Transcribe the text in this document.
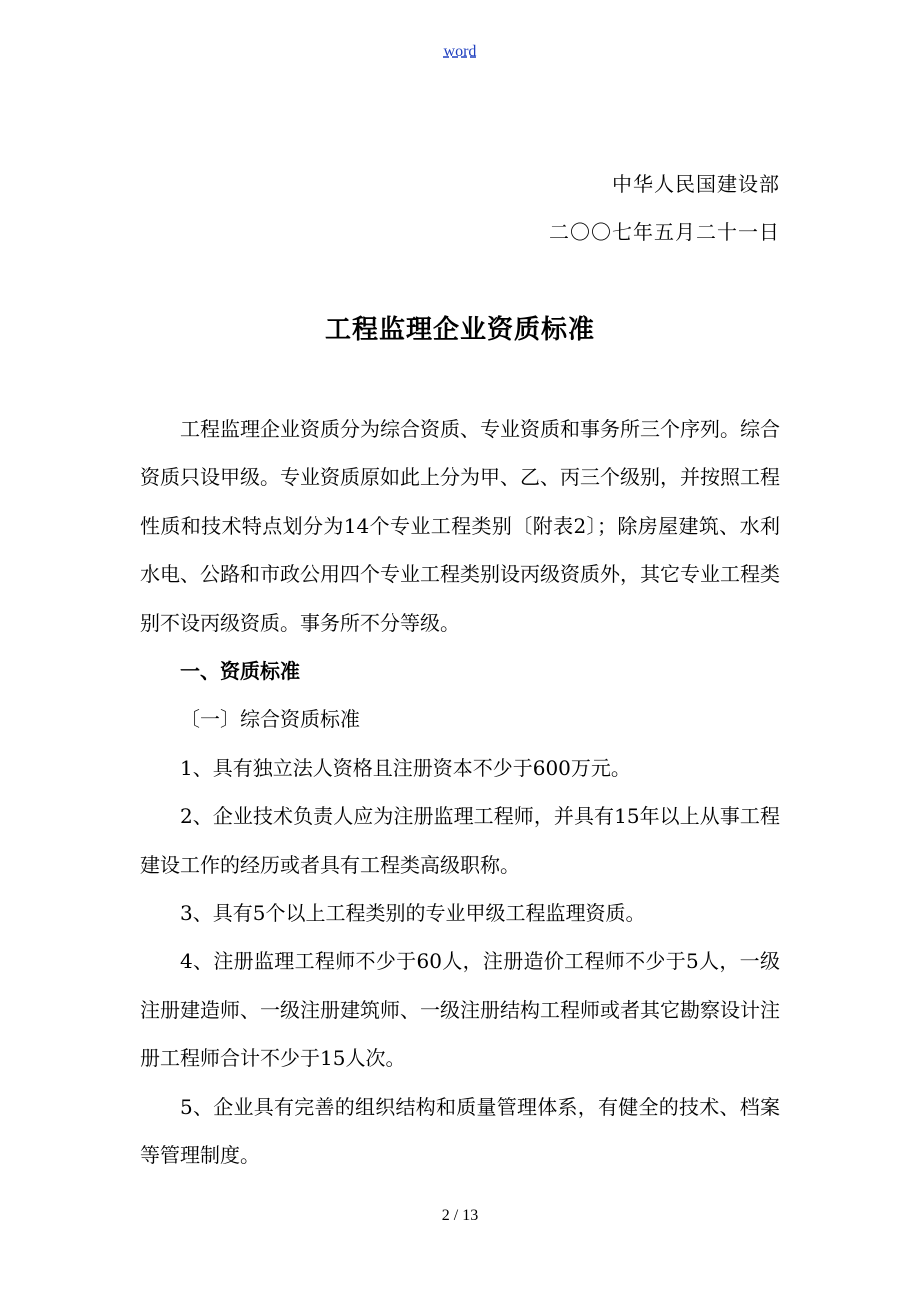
word
中华人民国建设部
二〇〇七年五月二十一日
工程监理企业资质标准

工程监理企业资质分为综合资质、专业资质和事务所三个序列。综合资质只设甲级。专业资质原如此上分为甲、乙、丙三个级别，并按照工程性质和技术特点划分为14个专业工程类别〔附表2〕；除房屋建筑、水利水电、公路和市政公用四个专业工程类别设丙级资质外，其它专业工程类别不设丙级资质。事务所不分等级。

一、资质标准

〔一〕综合资质标准

1、具有独立法人资格且注册资本不少于600万元。

2、企业技术负责人应为注册监理工程师，并具有15年以上从事工程建设工作的经历或者具有工程类高级职称。

3、具有5个以上工程类别的专业甲级工程监理资质。

4、注册监理工程师不少于60人，注册造价工程师不少于5人，一级注册建造师、一级注册建筑师、一级注册结构工程师或者其它勘察设计注册工程师合计不少于15人次。

5、企业具有完善的组织结构和质量管理体系，有健全的技术、档案等管理制度。

2 / 13
